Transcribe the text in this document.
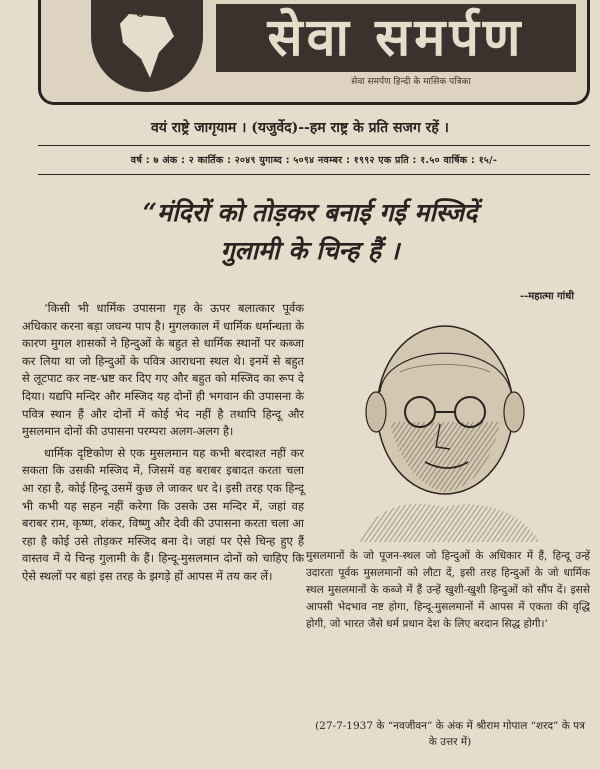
ॐ	सेवा समर्पण
सेवा समर्पण हिन्दी के मासिक पत्रिका
वयं राष्ट्रे जागृयाम । (यजुर्वेद)--हम राष्ट्र के प्रति सजग रहें ।
वर्ष : ७ अंक : २ कार्तिक : २०४९ युगाब्द : ५०९४ नवम्बर : १९९२ एक प्रति : १.५० वार्षिक : १५/-
“मंदिरों को तोड़कर बनाई गई मस्जिदें
गुलामी के चिन्ह हैं ।
--महात्मा गांधी

‘किसी भी धार्मिक उपासना गृह के ऊपर बलात्कार पूर्वक अधिकार करना बड़ा जघन्य पाप है। मुगलकाल में धार्मिक धर्मान्धता के कारण मुगल शासकों ने हिन्दुओं के बहुत से धार्मिक स्थानों पर कब्जा कर लिया था जो हिन्दुओं के पवित्र आराधना स्थल थे। इनमें से बहुत से लूटपाट कर नष्ट-भ्रष्ट कर दिए गए और बहुत को मस्जिद का रूप दे दिया। यद्यपि मन्दिर और मस्जिद यह दोनों ही भगवान की उपासना के पवित्र स्थान हैं और दोनों में कोई भेद नहीं है तथापि हिन्दू और मुसलमान दोनों की उपासना परम्परा अलग-अलग है।

धार्मिक दृष्टिकोण से एक मुसलमान यह कभी बरदाश्त नहीं कर सकता कि उसकी मस्जिद में, जिसमें वह बराबर इबादत करता चला आ रहा है, कोई हिन्दू उसमें कुछ ले जाकर धर दे। इसी तरह एक हिन्दू भी कभी यह सहन नहीं करेगा कि उसके उस मन्दिर में, जहां वह बराबर राम, कृष्ण, शंकर, विष्णु और देवी की उपासना करता चला आ रहा है कोई उसे तोड़कर मस्जिद बना दे। जहां पर ऐसे चिन्ह हुए हैं वास्तव में ये चिन्ह गुलामी के हैं। हिन्दू-मुसलमान दोनों को चाहिए कि ऐसे स्थलों पर बहां इस तरह के झगड़े हों आपस में तय कर लें।

मुसलमानों के जो पूजन-स्थल जो हिन्दुओं के अधिकार में हैं, हिन्दू उन्हें उदारता पूर्वक मुसलमानों को लौटा दें, इसी तरह हिन्दुओं के जो धार्मिक स्थल मुसलमानों के कब्जे में हैं उन्हें खुशी-खुशी हिन्दुओं को सौंप दें। इससे आपसी भेदभाव नष्ट होगा, हिन्दू-मुसलमानों में आपस में एकता की वृद्धि होगी, जो भारत जैसे धर्म प्रधान देश के लिए बरदान सिद्ध होगी।’

(27-7-1937 के “नवजीवन” के अंक में श्रीराम गोपाल “शरद” के पत्र के उत्तर में)
